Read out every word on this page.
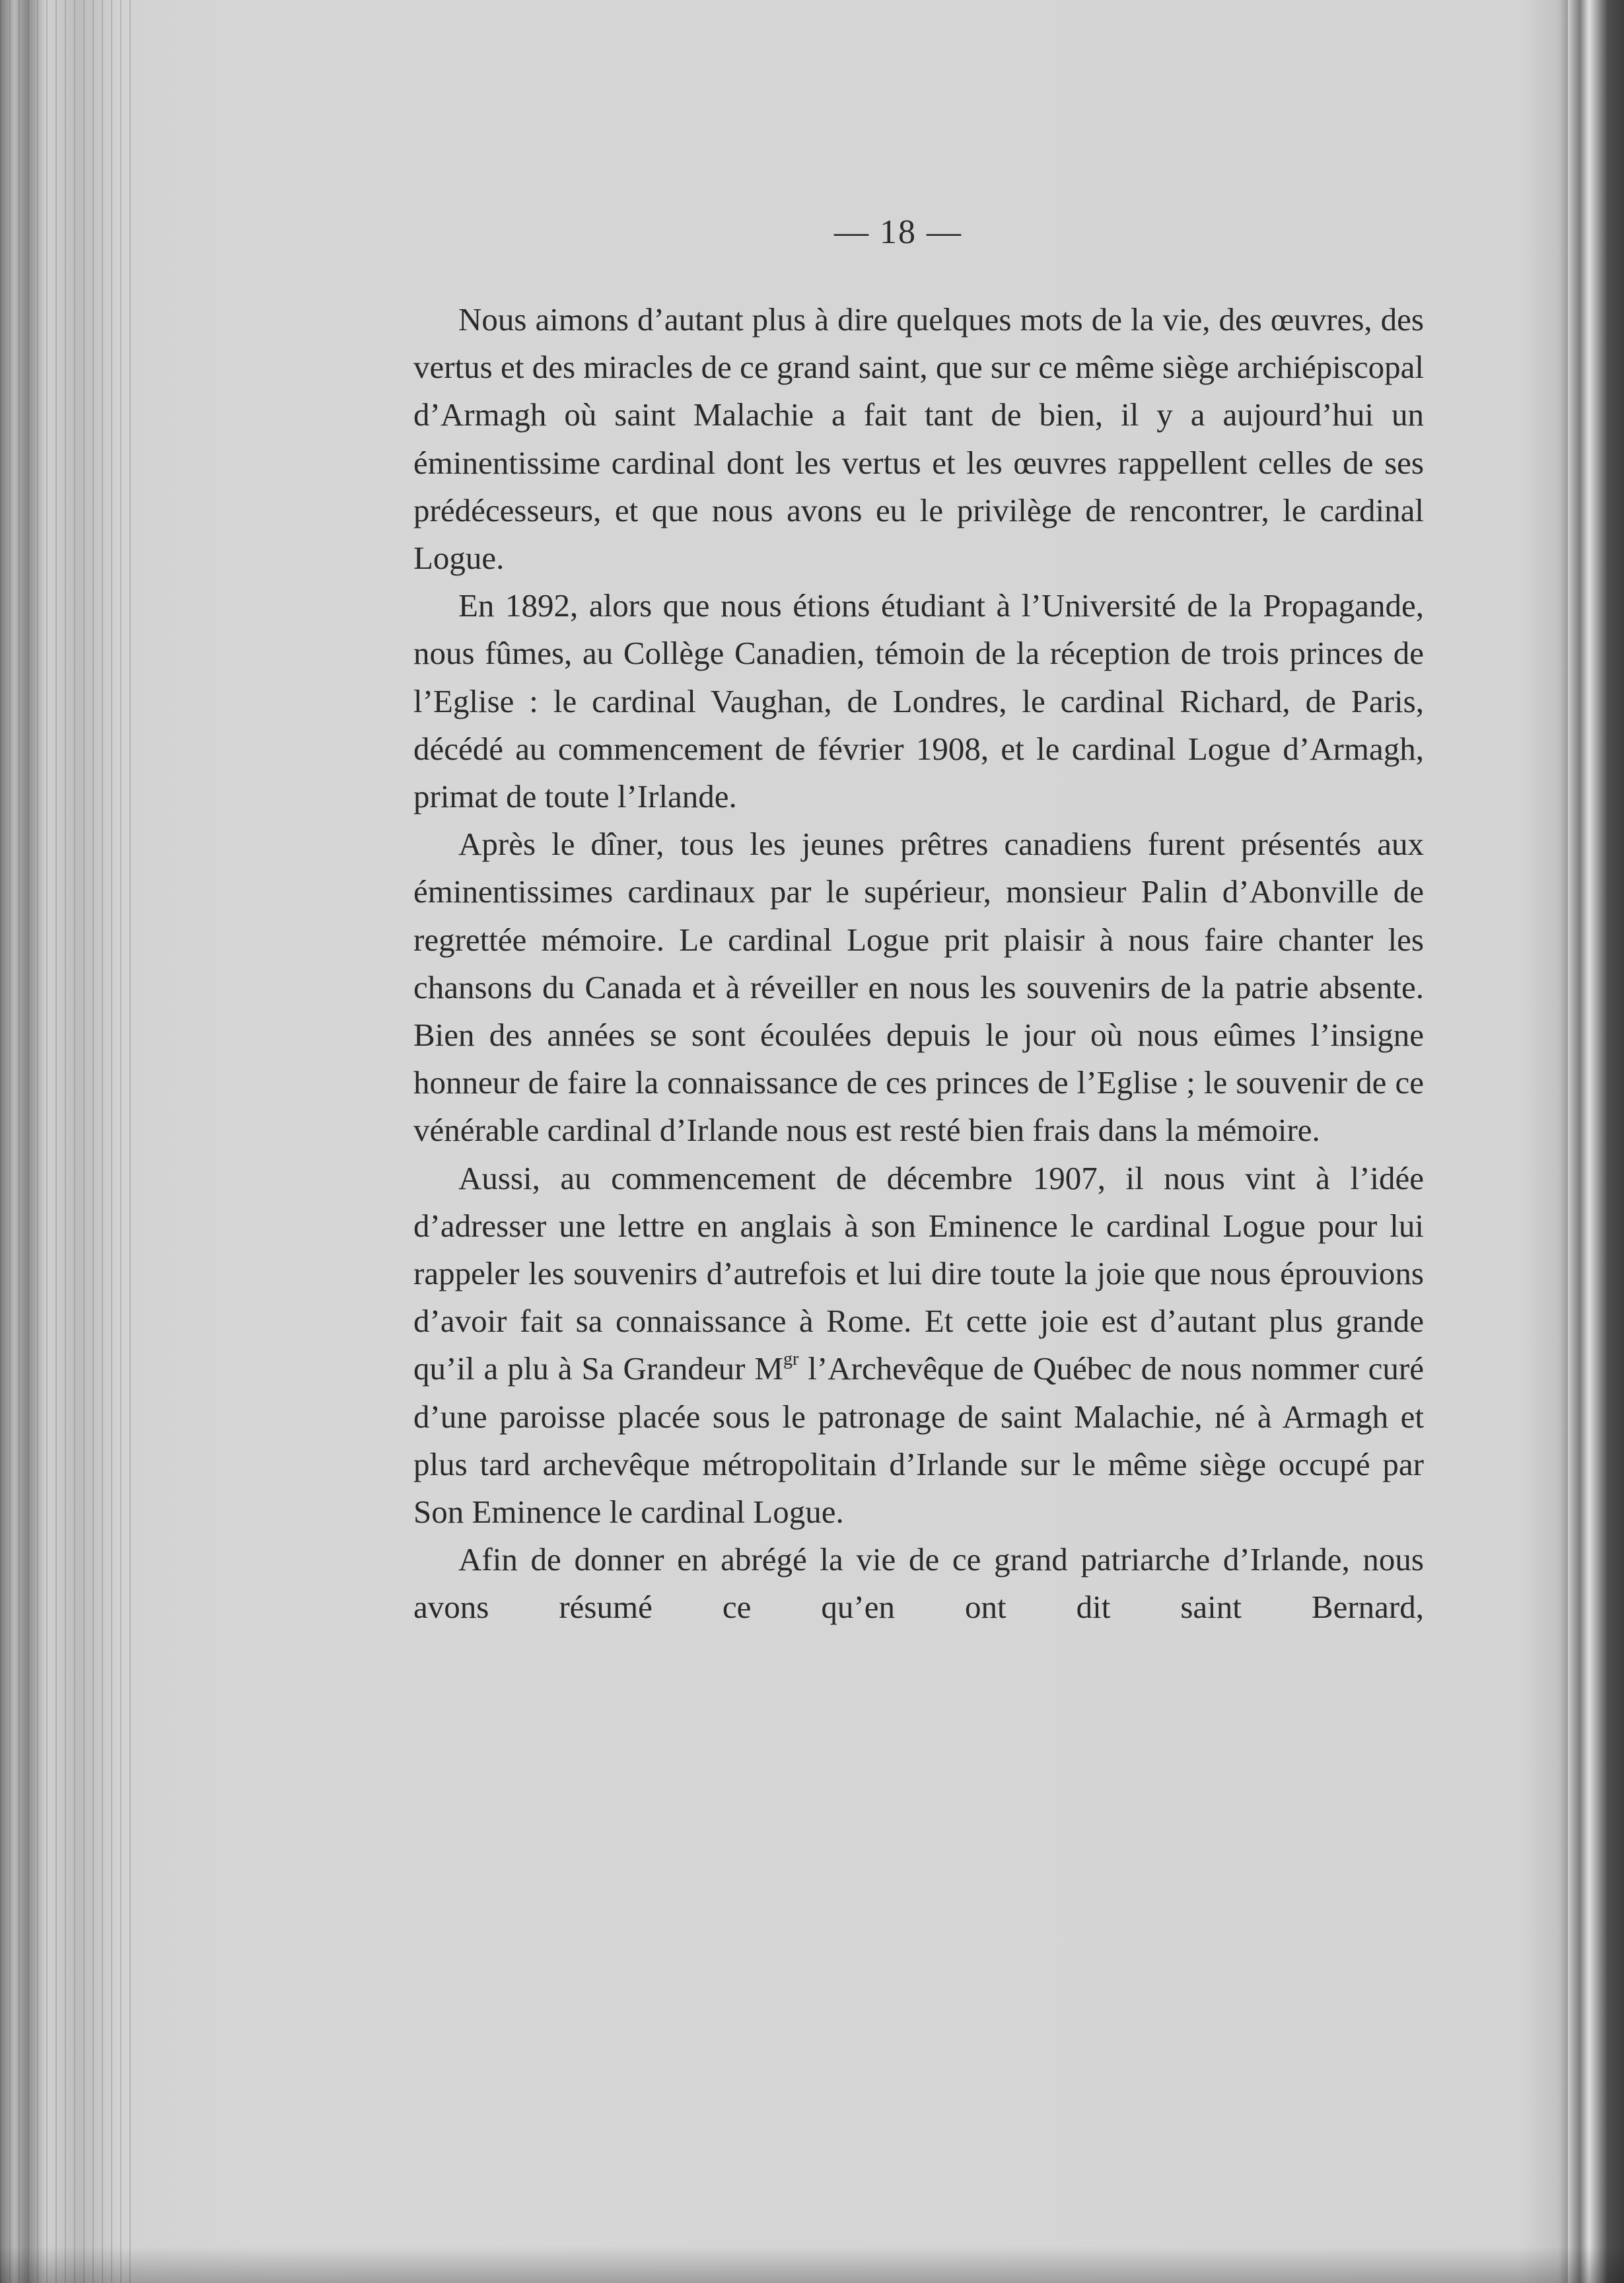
— 18 —

Nous aimons d’autant plus à dire quelques mots de la vie, des œuvres, des vertus et des miracles de ce grand saint, que sur ce même siège archiépiscopal d’Armagh où saint Malachie a fait tant de bien, il y a aujourd’hui un éminentissime cardinal dont les vertus et les œuvres rappellent celles de ses prédécesseurs, et que nous avons eu le privilège de rencontrer, le cardinal Logue.

En 1892, alors que nous étions étudiant à l’Université de la Propagande, nous fûmes, au Collège Canadien, témoin de la réception de trois princes de l’Eglise : le cardinal Vaughan, de Londres, le cardinal Richard, de Paris, décédé au commencement de février 1908, et le cardinal Logue d’Armagh, primat de toute l’Irlande.

Après le dîner, tous les jeunes prêtres canadiens furent présentés aux éminentissimes cardinaux par le supérieur, monsieur Palin d’Abonville de regrettée mémoire. Le cardinal Logue prit plaisir à nous faire chanter les chansons du Canada et à réveiller en nous les souvenirs de la patrie absente. Bien des années se sont écoulées depuis le jour où nous eûmes l’insigne honneur de faire la connaissance de ces princes de l’Eglise ; le souvenir de ce vénérable cardinal d’Irlande nous est resté bien frais dans la mémoire.

Aussi, au commencement de décembre 1907, il nous vint à l’idée d’adresser une lettre en anglais à son Eminence le cardinal Logue pour lui rappeler les souvenirs d’autrefois et lui dire toute la joie que nous éprouvions d’avoir fait sa connaissance à Rome. Et cette joie est d’autant plus grande qu’il a plu à Sa Grandeur $M^{gr}$ l’Archevêque de Québec de nous nommer curé d’une paroisse placée sous le patronage de saint Malachie, né à Armagh et plus tard archevêque métropolitain d’Irlande sur le même siège occupé par Son Eminence le cardinal Logue.

Afin de donner en abrégé la vie de ce grand patriarche d’Irlande, nous avons résumé ce qu’en ont dit saint Bernard,
